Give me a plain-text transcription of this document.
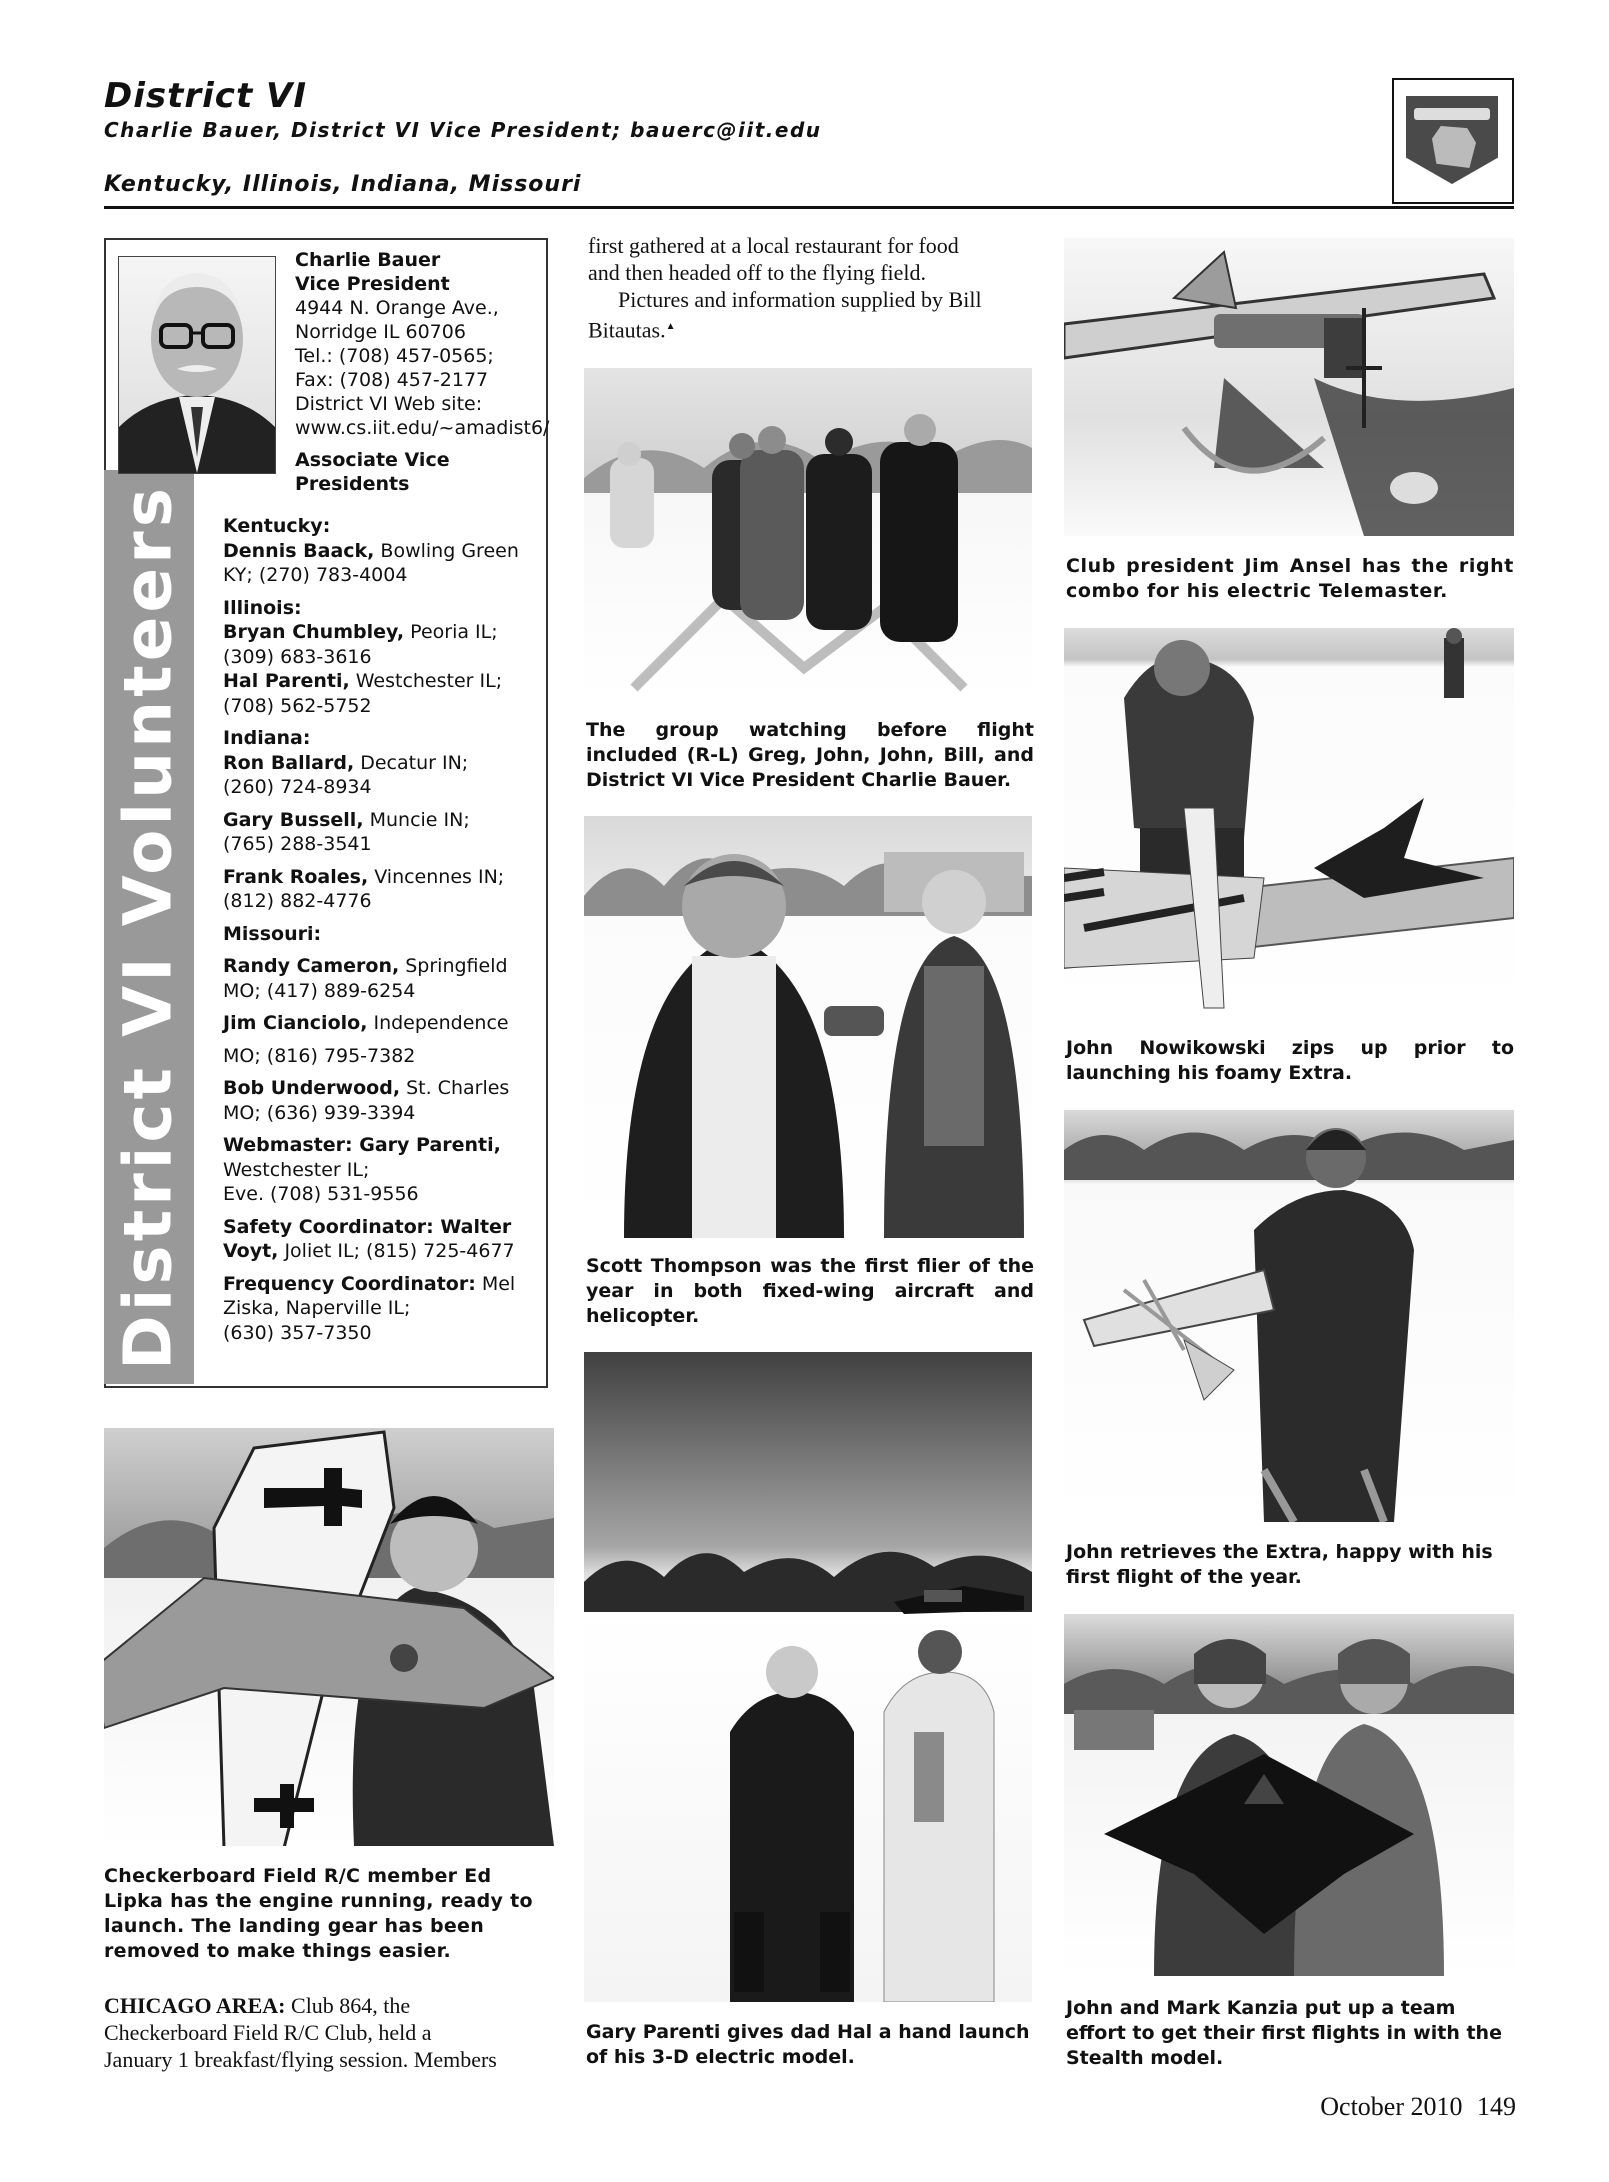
District VI
Charlie Bauer, District VI Vice President; bauerc@iit.edu
Kentucky, Illinois, Indiana, Missouri
District VI Volunteers

Charlie Bauer

Vice President

4944 N. Orange Ave.,

Norridge IL 60706

Tel.: (708) 457-0565;

Fax: (708) 457-2177

District VI Web site:

www.cs.iit.edu/~amadist6/

Associate Vice

Presidents

Kentucky:

Dennis Baack, Bowling Green

KY; (270) 783-4004

Illinois:

Bryan Chumbley, Peoria IL;

(309) 683-3616

Hal Parenti, Westchester IL;

(708) 562-5752

Indiana:

Ron Ballard, Decatur IN;

(260) 724-8934

Gary Bussell, Muncie IN;

(765) 288-3541

Frank Roales, Vincennes IN;

(812) 882-4776

Missouri:

Randy Cameron, Springfield

MO; (417) 889-6254

Jim Cianciolo, Independence

MO; (816) 795-7382

Bob Underwood, St. Charles

MO; (636) 939-3394

Webmaster: Gary Parenti,

Westchester IL;

Eve. (708) 531-9556

Safety Coordinator: Walter

Voyt, Joliet IL; (815) 725-4677

Frequency Coordinator: Mel

Ziska, Naperville IL;

(630) 357-7350

first gathered at a local restaurant for food
and then headed off to the flying field.
Pictures and information supplied by Bill
Bitautas.▲
The group watching before flight included (R-L) Greg, John, John, Bill, and District VI Vice President Charlie Bauer.
Scott Thompson was the first flier of the year in both fixed-wing aircraft and helicopter.
Gary Parenti gives dad Hal a hand launch of his 3-D electric model.
Checkerboard Field R/C member Ed Lipka has the engine running, ready to launch. The landing gear has been removed to make things easier.
CHICAGO AREA: Club 864, the
Checkerboard Field R/C Club, held a
January 1 breakfast/flying session. Members
Club president Jim Ansel has the right combo for his electric Telemaster.
John Nowikowski zips up prior to launching his foamy Extra.
John retrieves the Extra, happy with his first flight of the year.
John and Mark Kanzia put up a team effort to get their first flights in with the Stealth model.
October 2010 149
